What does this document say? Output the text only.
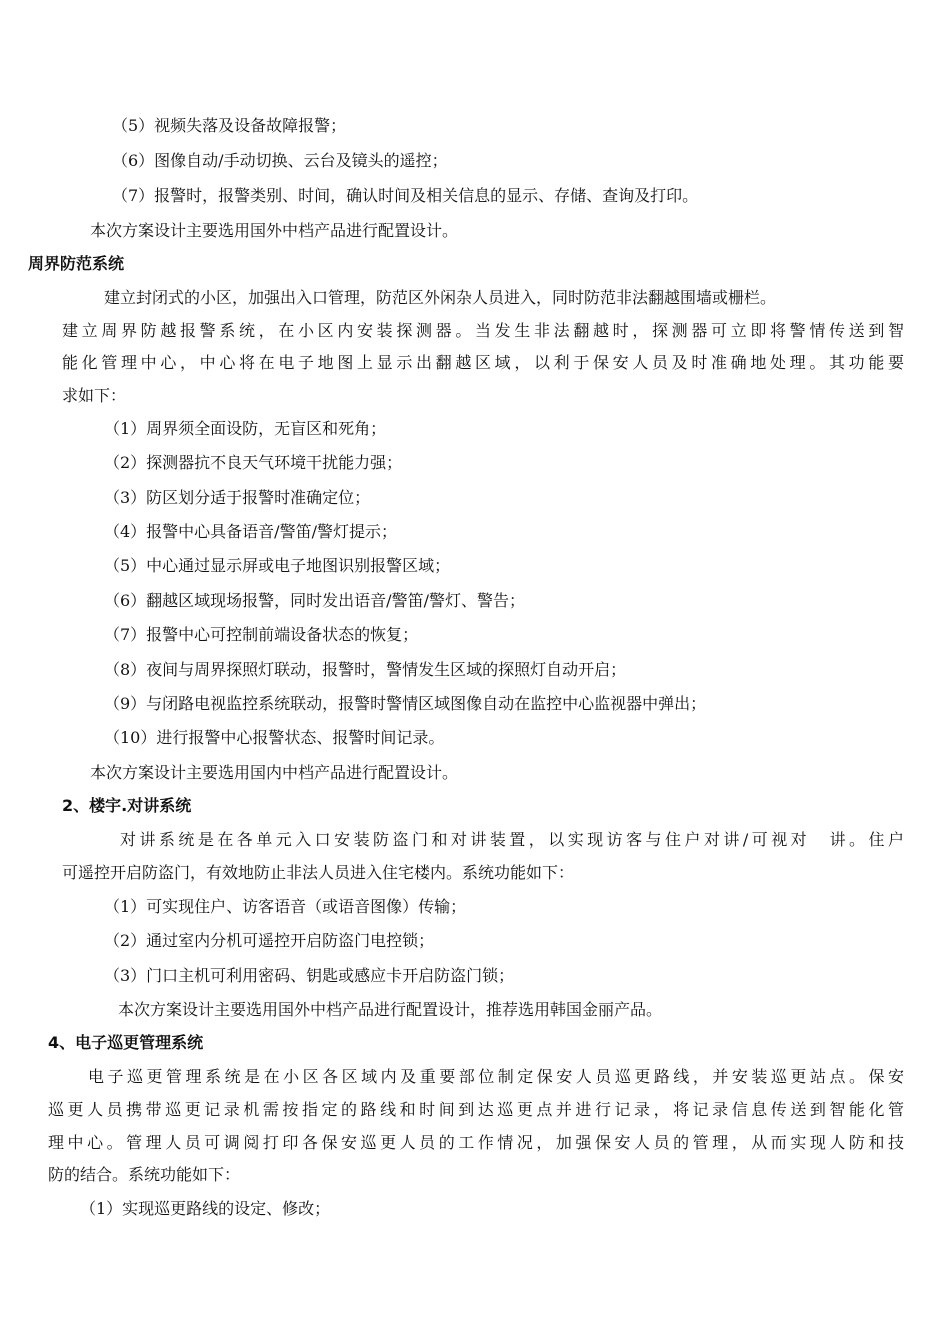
（5）视频失落及设备故障报警；
（6）图像自动/手动切换、云台及镜头的遥控；
（7）报警时，报警类别、时间，确认时间及相关信息的显示、存储、查询及打印。
本次方案设计主要选用国外中档产品进行配置设计。
周界防范系统
建立封闭式的小区，加强出入口管理，防范区外闲杂人员进入，同时防范非法翻越围墙或栅栏。
建立周界防越报警系统，在小区内安装探测器。当发生非法翻越时，探测器可立即将警情传送到智
能化管理中心，中心将在电子地图上显示出翻越区域，以利于保安人员及时准确地处理。其功能要
求如下：
（1）周界须全面设防，无盲区和死角；
（2）探测器抗不良天气环境干扰能力强；
（3）防区划分适于报警时准确定位；
（4）报警中心具备语音/警笛/警灯提示；
（5）中心通过显示屏或电子地图识别报警区域；
（6）翻越区域现场报警，同时发出语音/警笛/警灯、警告；
（7）报警中心可控制前端设备状态的恢复；
（8）夜间与周界探照灯联动，报警时，警情发生区域的探照灯自动开启；
（9）与闭路电视监控系统联动，报警时警情区域图像自动在监控中心监视器中弹出；
（10）进行报警中心报警状态、报警时间记录。
本次方案设计主要选用国内中档产品进行配置设计。
2、楼宇.对讲系统
对讲系统是在各单元入口安装防盗门和对讲装置，以实现访客与住户对讲/可视对　讲。住户
可遥控开启防盗门，有效地防止非法人员进入住宅楼内。系统功能如下：
（1）可实现住户、访客语音（或语音图像）传输；
（2）通过室内分机可遥控开启防盗门电控锁；
（3）门口主机可利用密码、钥匙或感应卡开启防盗门锁；
本次方案设计主要选用国外中档产品进行配置设计，推荐选用韩国金丽产品。
4、电子巡更管理系统
电子巡更管理系统是在小区各区域内及重要部位制定保安人员巡更路线，并安装巡更站点。保安
巡更人员携带巡更记录机需按指定的路线和时间到达巡更点并进行记录，将记录信息传送到智能化管
理中心。管理人员可调阅打印各保安巡更人员的工作情况，加强保安人员的管理，从而实现人防和技
防的结合。系统功能如下：
（1）实现巡更路线的设定、修改；
